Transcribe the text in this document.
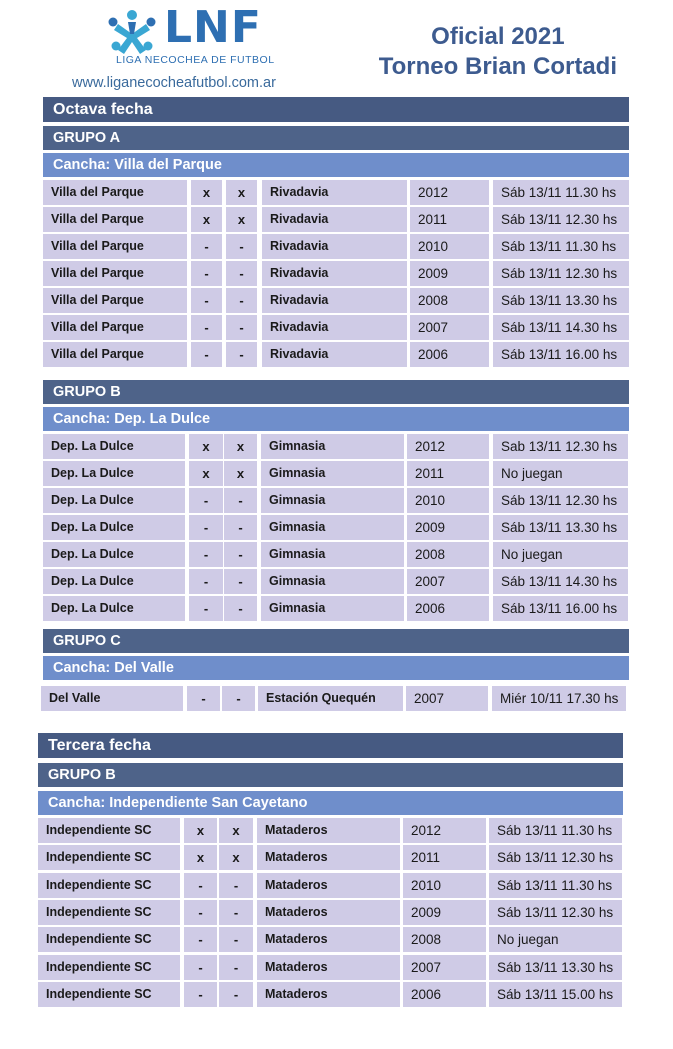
LNF
LIGA NECOCHEA DE FUTBOL
www.liganecocheafutbol.com.ar
Oficial 2021
Torneo Brian Cortadi
Octava fecha
GRUPO A
Cancha: Villa del Parque
Villa del Parque	x	x	Rivadavia	2012	Sáb 13/11 11.30 hs
Villa del Parque	x	x	Rivadavia	2011	Sáb 13/11 12.30 hs
Villa del Parque	-	-	Rivadavia	2010	Sáb 13/11 11.30 hs
Villa del Parque	-	-	Rivadavia	2009	Sáb 13/11 12.30 hs
Villa del Parque	-	-	Rivadavia	2008	Sáb 13/11 13.30 hs
Villa del Parque	-	-	Rivadavia	2007	Sáb 13/11 14.30 hs
Villa del Parque	-	-	Rivadavia	2006	Sáb 13/11 16.00 hs
GRUPO B
Cancha: Dep. La Dulce
Dep. La Dulce	x	x	Gimnasia	2012	Sab 13/11 12.30 hs
Dep. La Dulce	x	x	Gimnasia	2011	No juegan
Dep. La Dulce	-	-	Gimnasia	2010	Sáb 13/11 12.30 hs
Dep. La Dulce	-	-	Gimnasia	2009	Sáb 13/11 13.30 hs
Dep. La Dulce	-	-	Gimnasia	2008	No juegan
Dep. La Dulce	-	-	Gimnasia	2007	Sáb 13/11 14.30 hs
Dep. La Dulce	-	-	Gimnasia	2006	Sáb 13/11 16.00 hs
GRUPO C
Cancha: Del Valle
Del Valle	-	-	Estación Quequén	2007	Miér 10/11 17.30 hs
Tercera fecha
GRUPO B
Cancha: Independiente San Cayetano
Independiente SC	x	x	Mataderos	2012	Sáb 13/11 11.30 hs
Independiente SC	x	x	Mataderos	2011	Sáb 13/11 12.30 hs
Independiente SC	-	-	Mataderos	2010	Sáb 13/11 11.30 hs
Independiente SC	-	-	Mataderos	2009	Sáb 13/11 12.30 hs
Independiente SC	-	-	Mataderos	2008	No juegan
Independiente SC	-	-	Mataderos	2007	Sáb 13/11 13.30 hs
Independiente SC	-	-	Mataderos	2006	Sáb 13/11 15.00 hs
